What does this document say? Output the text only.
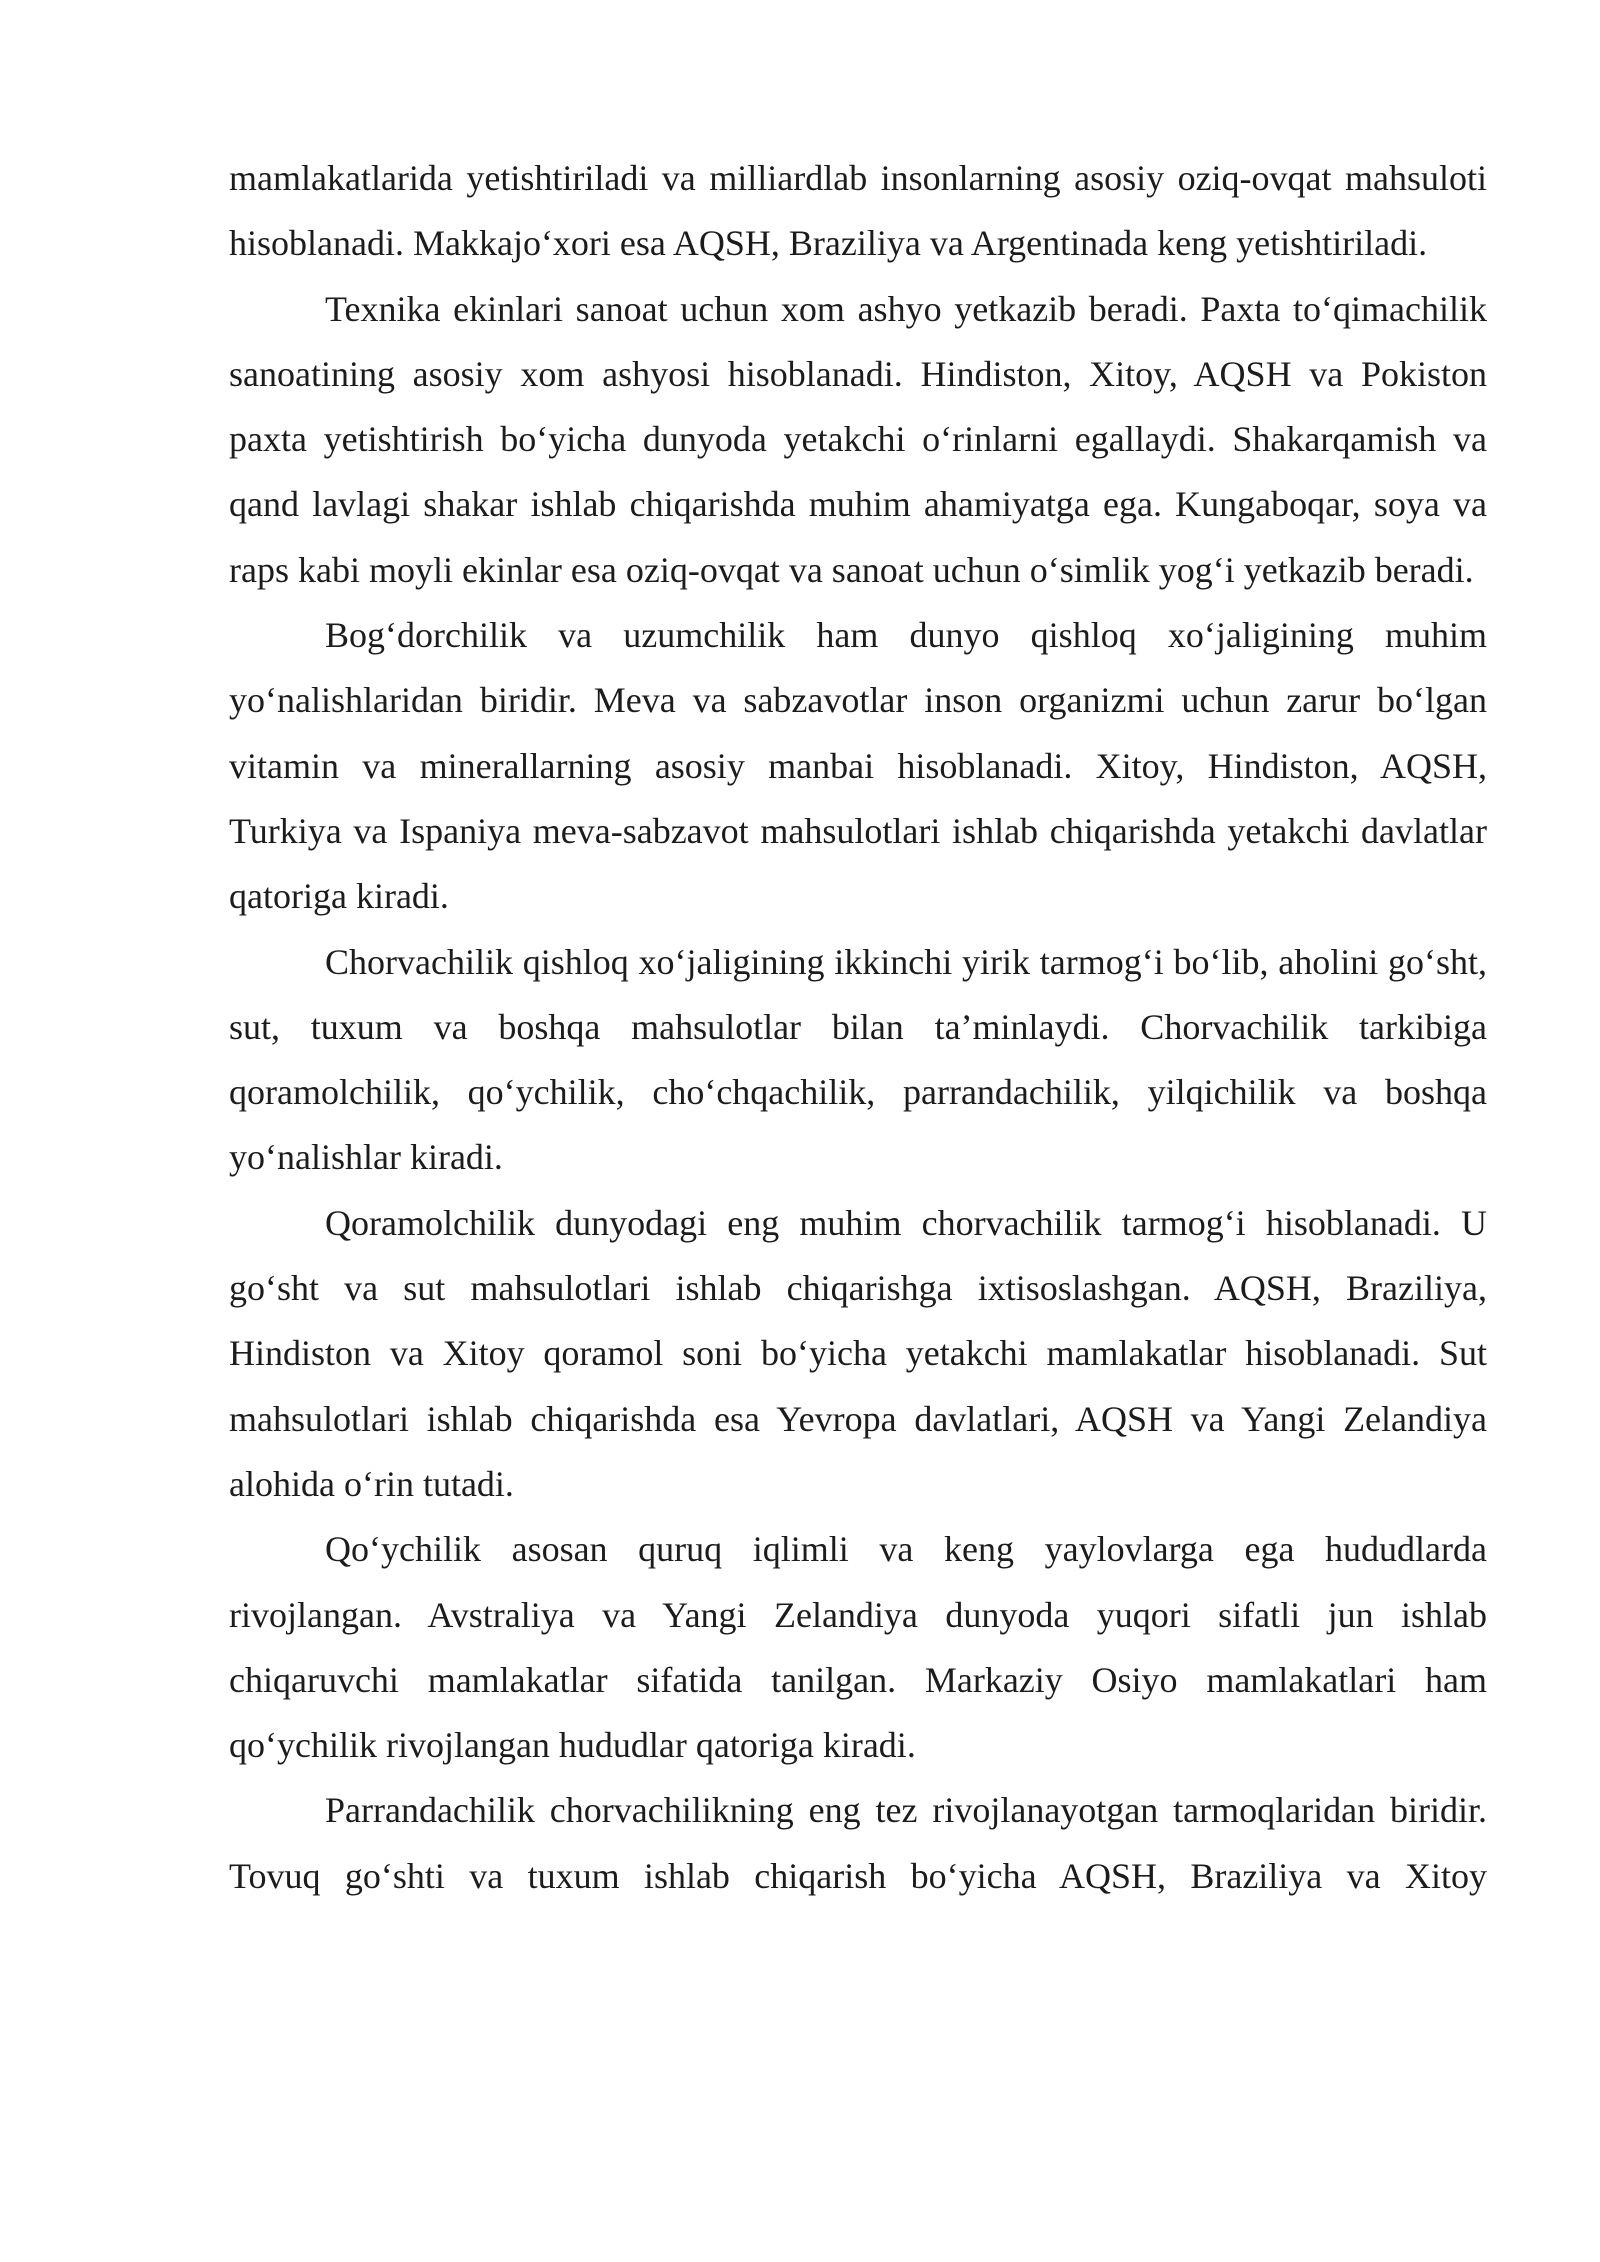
mamlakatlarida yetishtiriladi va milliardlab insonlarning asosiy oziq-ovqat mahsuloti hisoblanadi. Makkajo‘xori esa AQSH, Braziliya va Argentinada keng yetishtiriladi.

Texnika ekinlari sanoat uchun xom ashyo yetkazib beradi. Paxta to‘qimachilik sanoatining asosiy xom ashyosi hisoblanadi. Hindiston, Xitoy, AQSH va Pokiston paxta yetishtirish bo‘yicha dunyoda yetakchi o‘rinlarni egallaydi. Shakarqamish va qand lavlagi shakar ishlab chiqarishda muhim ahamiyatga ega. Kungaboqar, soya va raps kabi moyli ekinlar esa oziq-ovqat va sanoat uchun o‘simlik yog‘i yetkazib beradi.

Bog‘dorchilik va uzumchilik ham dunyo qishloq xo‘jaligining muhim yo‘nalishlaridan biridir. Meva va sabzavotlar inson organizmi uchun zarur bo‘lgan vitamin va minerallarning asosiy manbai hisoblanadi. Xitoy, Hindiston, AQSH, Turkiya va Ispaniya meva-sabzavot mahsulotlari ishlab chiqarishda yetakchi davlatlar qatoriga kiradi.

Chorvachilik qishloq xo‘jaligining ikkinchi yirik tarmog‘i bo‘lib, aholini go‘sht, sut, tuxum va boshqa mahsulotlar bilan ta’minlaydi. Chorvachilik tarkibiga qoramolchilik, qo‘ychilik, cho‘chqachilik, parrandachilik, yilqichilik va boshqa yo‘nalishlar kiradi.

Qoramolchilik dunyodagi eng muhim chorvachilik tarmog‘i hisoblanadi. U go‘sht va sut mahsulotlari ishlab chiqarishga ixtisoslashgan. AQSH, Braziliya, Hindiston va Xitoy qoramol soni bo‘yicha yetakchi mamlakatlar hisoblanadi. Sut mahsulotlari ishlab chiqarishda esa Yevropa davlatlari, AQSH va Yangi Zelandiya alohida o‘rin tutadi.

Qo‘ychilik asosan quruq iqlimli va keng yaylovlarga ega hududlarda rivojlangan. Avstraliya va Yangi Zelandiya dunyoda yuqori sifatli jun ishlab chiqaruvchi mamlakatlar sifatida tanilgan. Markaziy Osiyo mamlakatlari ham qo‘ychilik rivojlangan hududlar qatoriga kiradi.

Parrandachilik chorvachilikning eng tez rivojlanayotgan tarmoqlaridan biridir. Tovuq go‘shti va tuxum ishlab chiqarish bo‘yicha AQSH, Braziliya va Xitoy
